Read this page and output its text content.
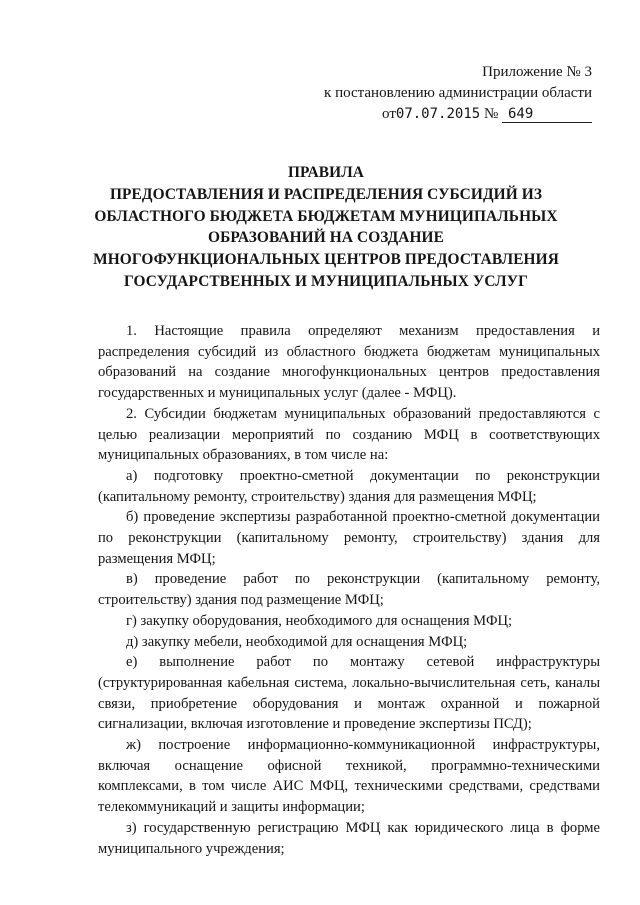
Приложение № 3
к постановлению администрации области
от07.07.2015 № 649
ПРАВИЛА
ПРЕДОСТАВЛЕНИЯ И РАСПРЕДЕЛЕНИЯ СУБСИДИЙ ИЗ
ОБЛАСТНОГО БЮДЖЕТА БЮДЖЕТАМ МУНИЦИПАЛЬНЫХ
ОБРАЗОВАНИЙ НА СОЗДАНИЕ
МНОГОФУНКЦИОНАЛЬНЫХ ЦЕНТРОВ ПРЕДОСТАВЛЕНИЯ
ГОСУДАРСТВЕННЫХ И МУНИЦИПАЛЬНЫХ УСЛУГ

1. Настоящие правила определяют механизм предоставления и распределения субсидий из областного бюджета бюджетам муниципальных образований на создание многофункциональных центров предоставления государственных и муниципальных услуг (далее - МФЦ).

2. Субсидии бюджетам муниципальных образований предоставляются с целью реализации мероприятий по созданию МФЦ в соответствующих муниципальных образованиях, в том числе на:

а) подготовку проектно-сметной документации по реконструкции (капитальному ремонту, строительству) здания для размещения МФЦ;

б) проведение экспертизы разработанной проектно-сметной документации по реконструкции (капитальному ремонту, строительству) здания для размещения МФЦ;

в) проведение работ по реконструкции (капитальному ремонту, строительству) здания под размещение МФЦ;

г) закупку оборудования, необходимого для оснащения МФЦ;

д) закупку мебели, необходимой для оснащения МФЦ;

е) выполнение работ по монтажу сетевой инфраструктуры (структурированная кабельная система, локально-вычислительная сеть, каналы связи, приобретение оборудования и монтаж охранной и пожарной сигнализации, включая изготовление и проведение экспертизы ПСД);

ж) построение информационно-коммуникационной инфраструктуры, включая оснащение офисной техникой, программно-техническими комплексами, в том числе АИС МФЦ, техническими средствами, средствами телекоммуникаций и защиты информации;

з) государственную регистрацию МФЦ как юридического лица в форме муниципального учреждения;
